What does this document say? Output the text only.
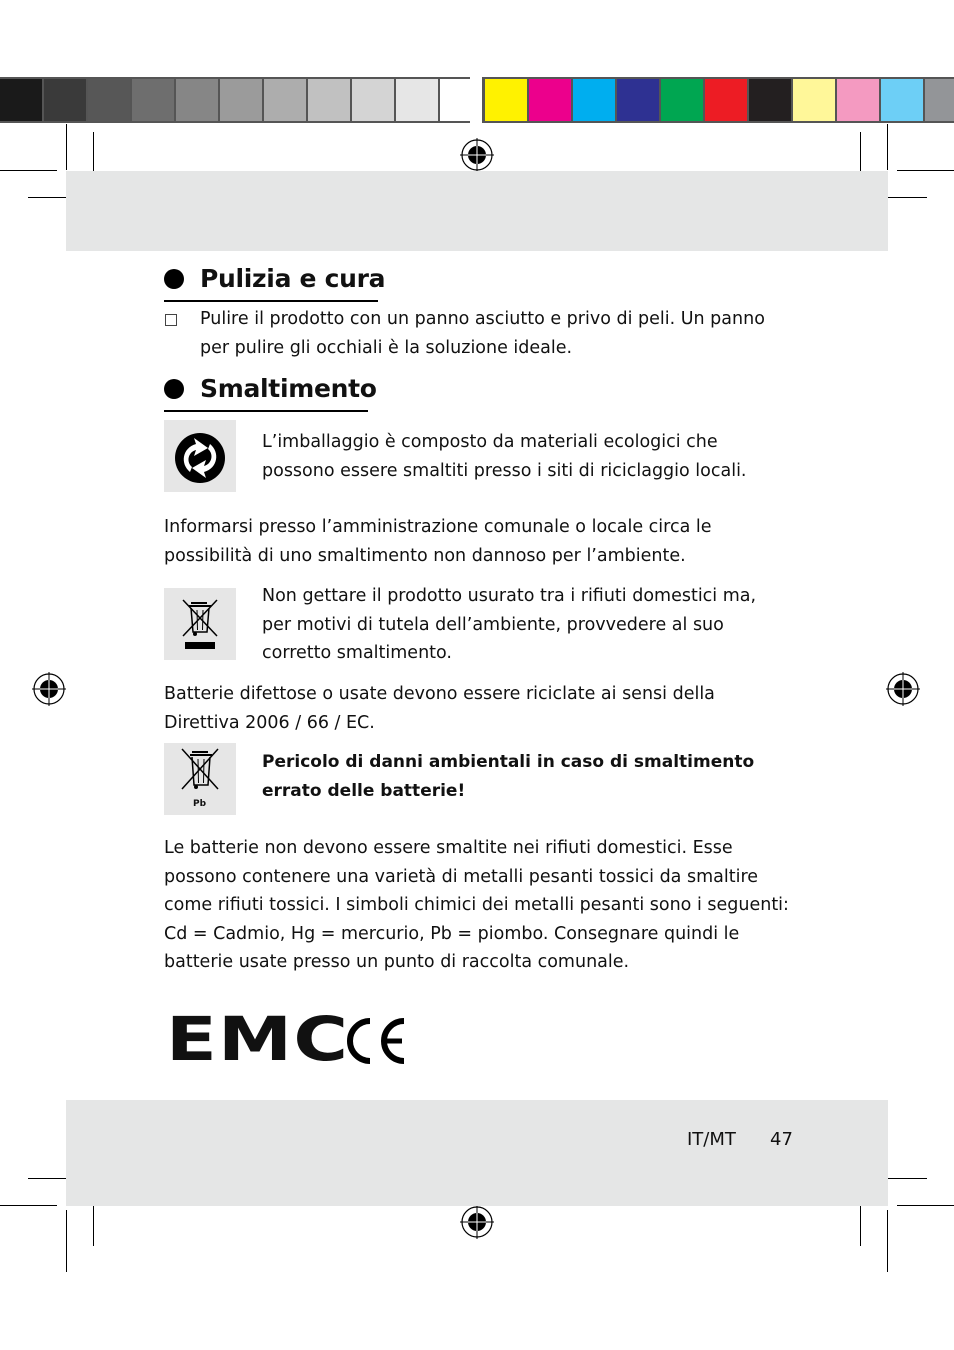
Pulizia e cura
Pulire il prodotto con un panno asciutto e privo di peli. Un panno per pulire gli occhiali è la soluzione ideale.
Smaltimento
L’imballaggio è composto da materiali ecologici che possono essere smaltiti presso i siti di riciclaggio locali.
Informarsi presso l’amministrazione comunale o locale circa le possibilità di uno smaltimento non dannoso per l’ambiente.
Non gettare il prodotto usurato tra i rifiuti domestici ma, per motivi di tutela dell’ambiente, provvedere al suo corretto smaltimento.
Batterie difettose o usate devono essere riciclate ai sensi della Direttiva 2006 / 66 / EC.
Pb
Pericolo di danni ambientali in caso di smaltimento errato delle batterie!
Le batterie non devono essere smaltite nei rifiuti domestici. Esse possono contenere una varietà di metalli pesanti tossici da smaltire come rifiuti tossici. I simboli chimici dei metalli pesanti sono i seguenti: Cd = Cadmio, Hg = mercurio, Pb = piombo. Consegnare quindi le batterie usate presso un punto di raccolta comunale.
EMC
IT/MT 47
